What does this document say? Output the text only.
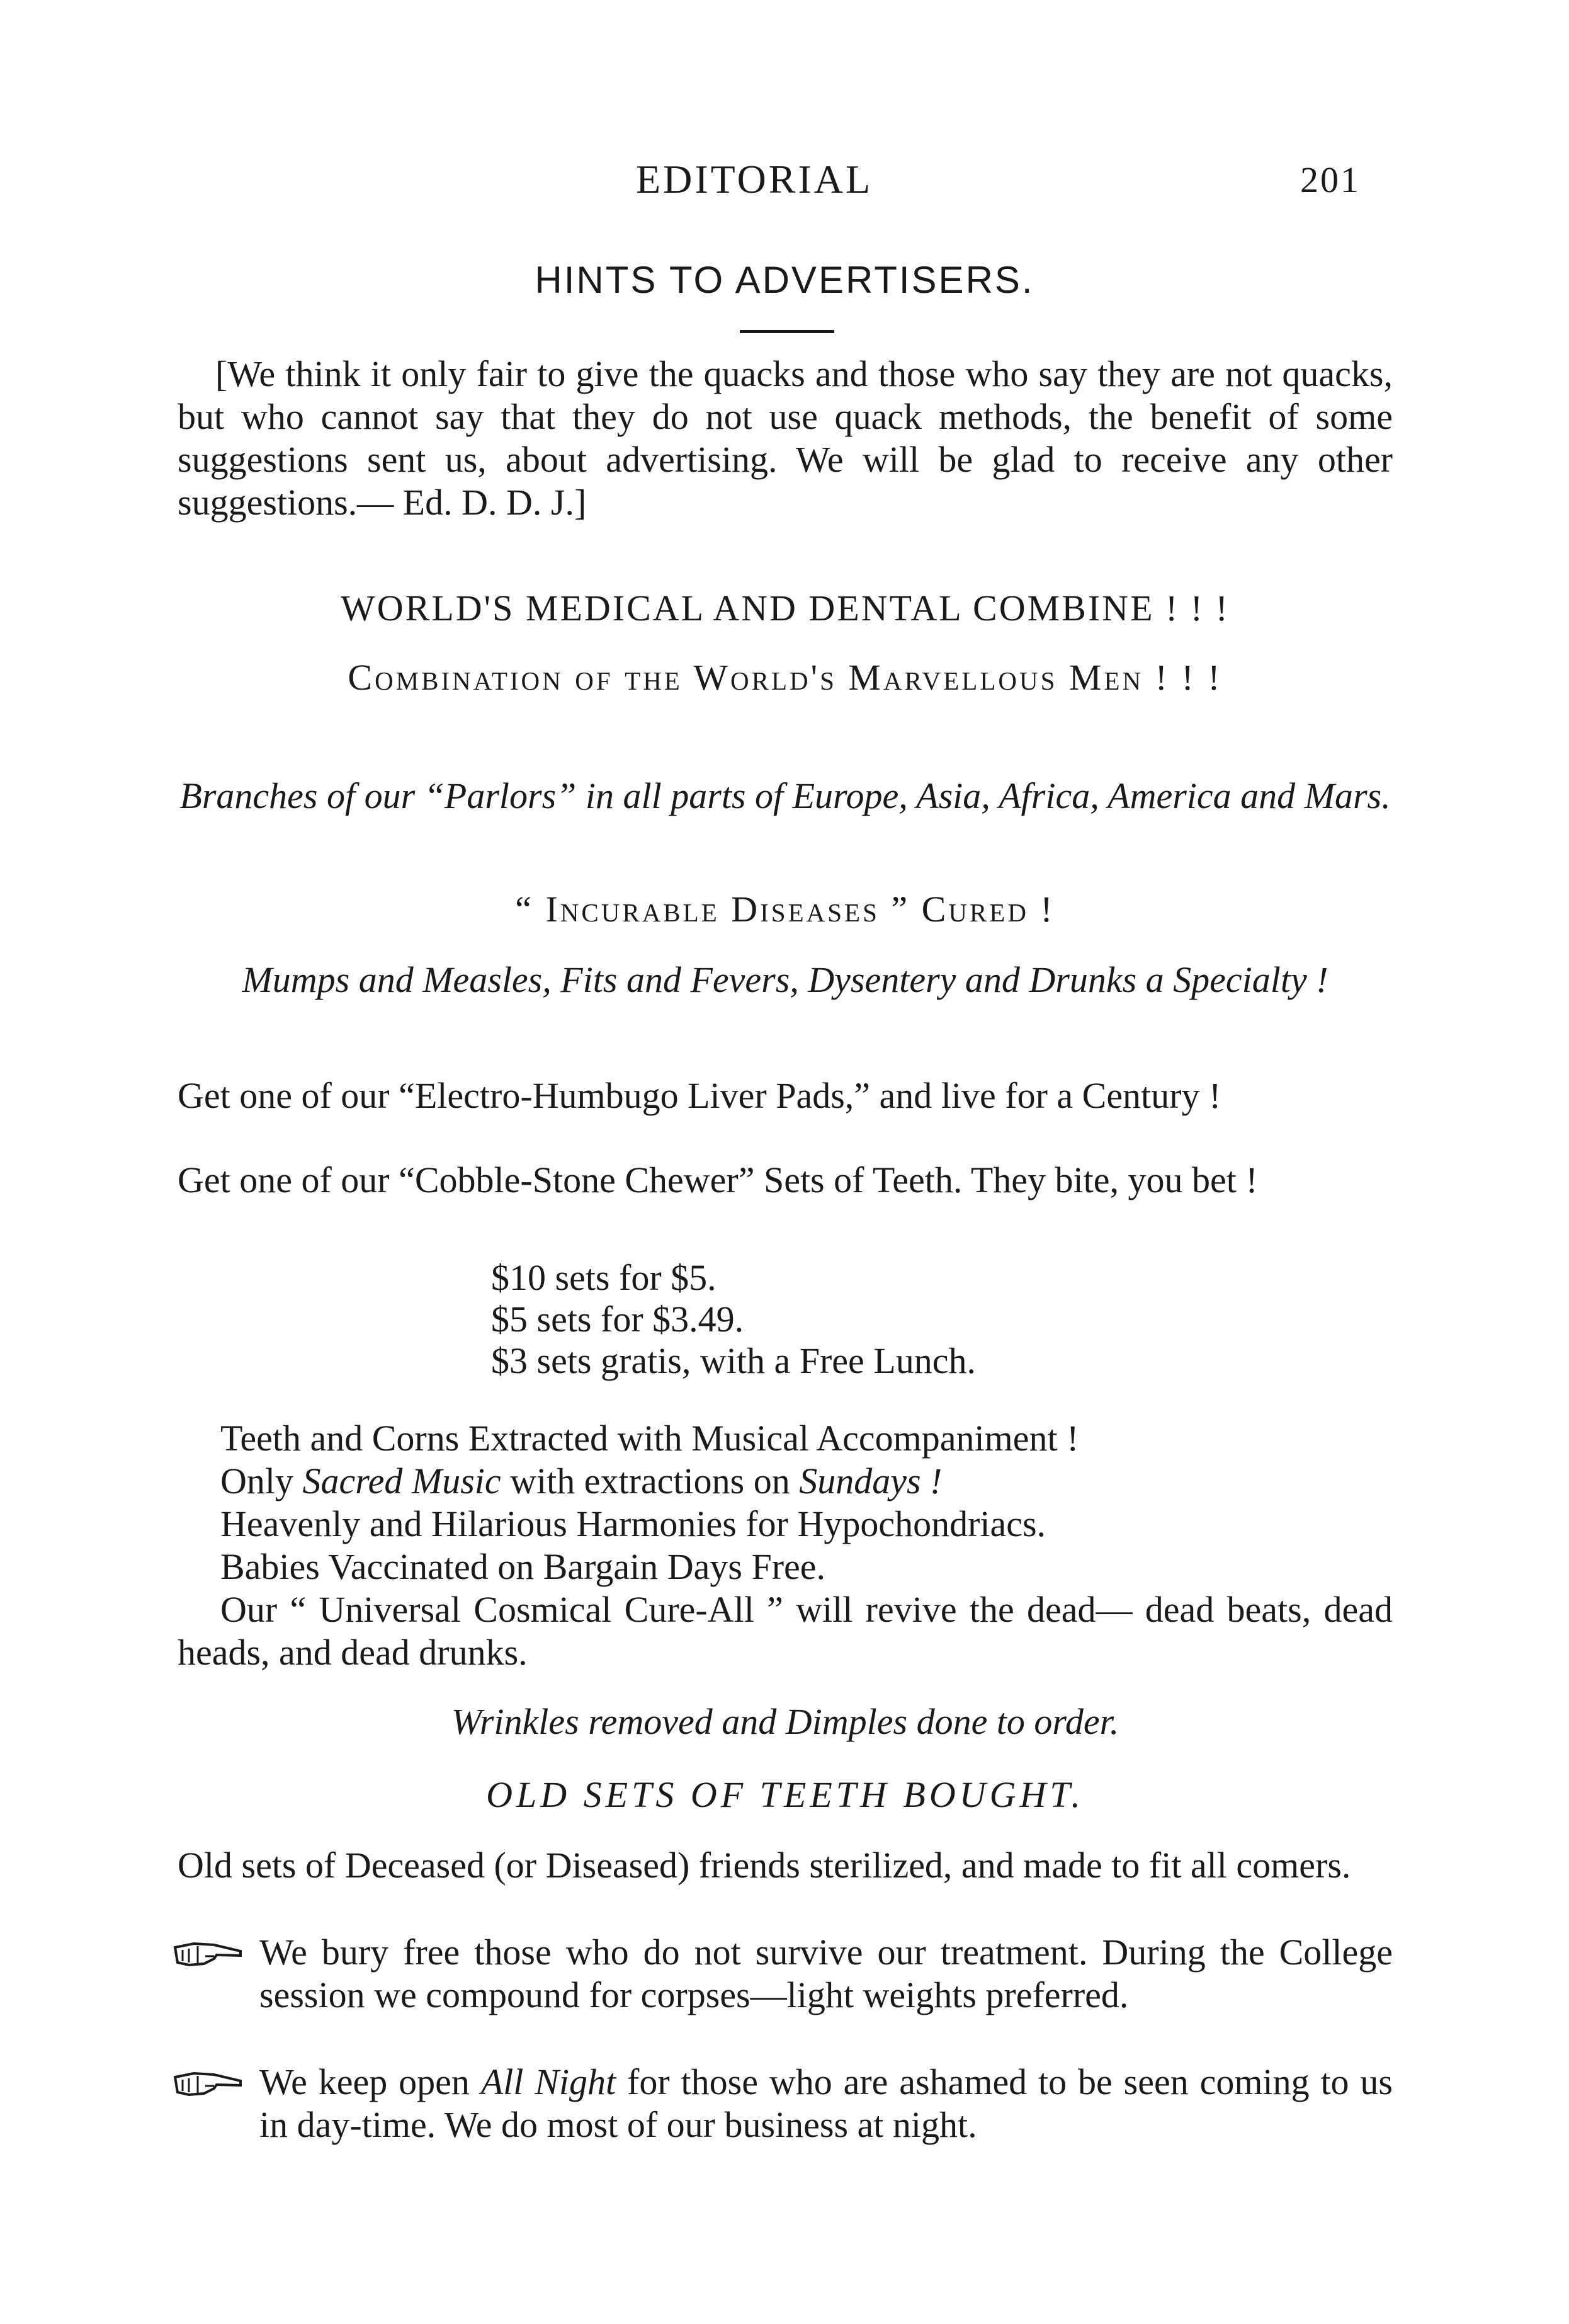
EDITORIAL	201
HINTS TO ADVERTISERS.
[We think it only fair to give the quacks and those who say they are not quacks, but who cannot say that they do not use quack methods, the benefit of some suggestions sent us, about advertising. We will be glad to receive any other suggestions.— Ed. D. D. J.]
WORLD'S MEDICAL AND DENTAL COMBINE ! ! !
Combination of the World's Marvellous Men ! ! !
Branches of our “Parlors” in all parts of Europe, Asia, Africa, America and Mars.
“ Incurable Diseases ” Cured !
Mumps and Measles, Fits and Fevers, Dysentery and Drunks a Specialty !
Get one of our “Electro-Humbugo Liver Pads,” and live for a Century !
Get one of our “Cobble-Stone Chewer” Sets of Teeth. They bite, you bet !
$10 sets for $5.
$5 sets for $3.49.
$3 sets gratis, with a Free Lunch.
Teeth and Corns Extracted with Musical Accompaniment !
Only Sacred Music with extractions on Sundays !
Heavenly and Hilarious Harmonies for Hypochondriacs.
Babies Vaccinated on Bargain Days Free.
Our “ Universal Cosmical Cure-All ” will revive the dead— dead beats, dead heads, and dead drunks.
Wrinkles removed and Dimples done to order.
OLD SETS OF TEETH BOUGHT.
Old sets of Deceased (or Diseased) friends sterilized, and made to fit all comers.
We bury free those who do not survive our treatment. During the College session we compound for corpses—light weights preferred.
We keep open All Night for those who are ashamed to be seen coming to us in day-time. We do most of our business at night.
